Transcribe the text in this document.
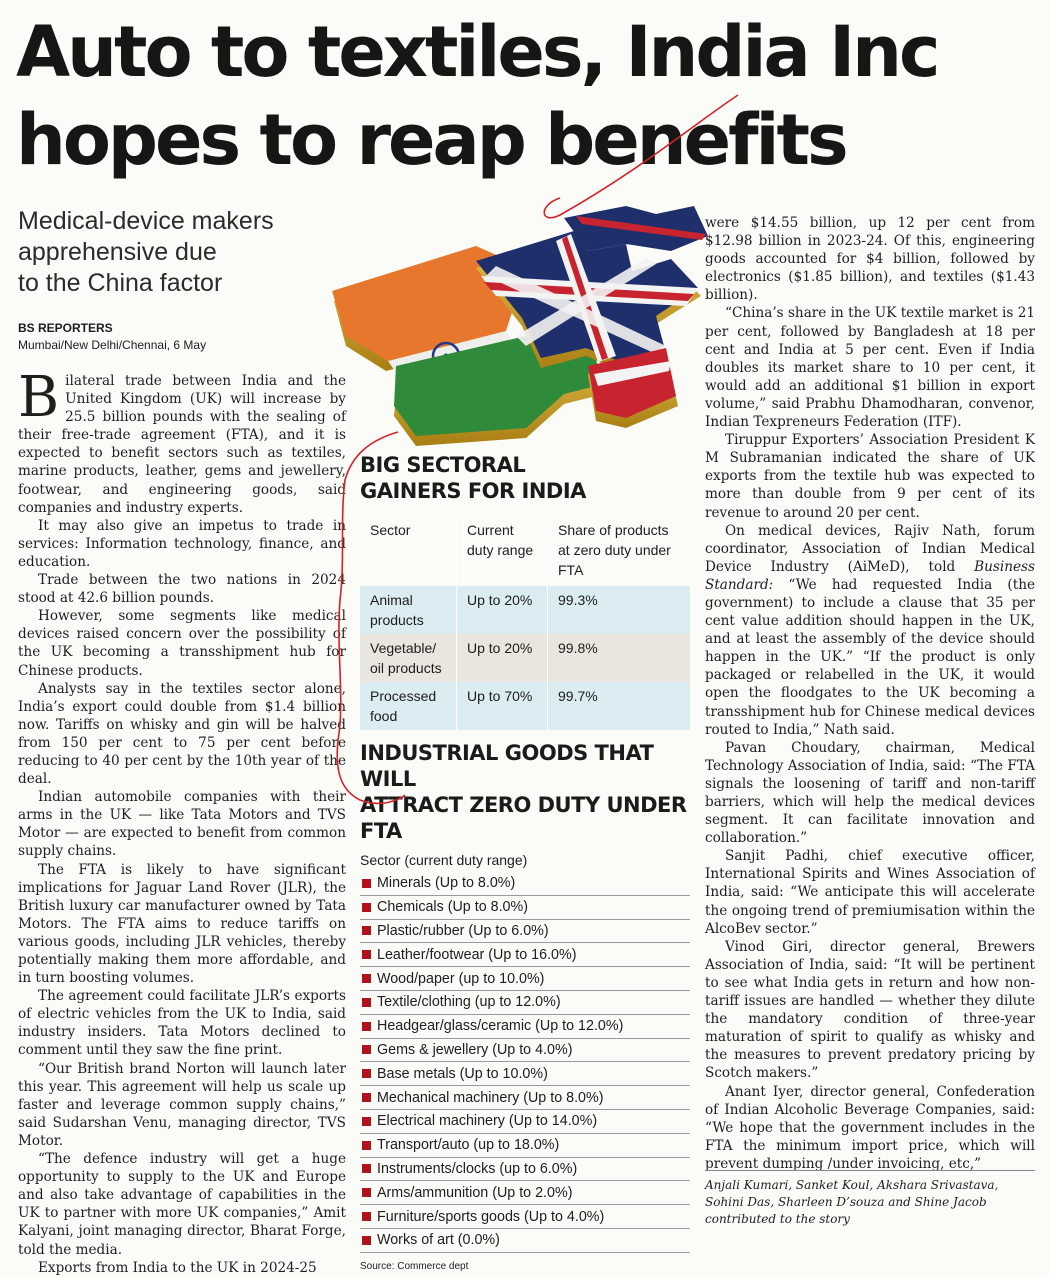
Auto to textiles, India Inc
hopes to reap benefits
Medical-device makers
apprehensive due
to the China factor
BS REPORTERS
Mumbai/New Delhi/Chennai, 6 May

Bilateral trade between India and the United Kingdom (UK) will increase by 25.5 billion pounds with the sealing of their free-trade agreement (FTA), and it is expected to benefit sectors such as textiles, marine products, leather, gems and jewellery, footwear, and engineering goods, said companies and industry experts.

It may also give an impetus to trade in services: Information technology, finance, and education.

Trade between the two nations in 2024 stood at 42.6 billion pounds.

However, some segments like medical devices raised concern over the possibility of the UK becoming a transshipment hub for Chinese products.

Analysts say in the textiles sector alone, India’s export could double from $1.4 billion now. Tariffs on whisky and gin will be halved from 150 per cent to 75 per cent before reducing to 40 per cent by the 10th year of the deal.

Indian automobile companies with their arms in the UK — like Tata Motors and TVS Motor — are expected to benefit from common supply chains.

The FTA is likely to have significant implications for Jaguar Land Rover (JLR), the British luxury car manufacturer owned by Tata Motors. The FTA aims to reduce tariffs on various goods, including JLR vehicles, thereby potentially making them more affordable, and in turn boosting volumes.

The agreement could facilitate JLR’s exports of electric vehicles from the UK to India, said industry insiders. Tata Motors declined to comment until they saw the fine print.

“Our British brand Norton will launch later this year. This agreement will help us scale up faster and leverage common supply chains,” said Sudarshan Venu, managing director, TVS Motor.

“The defence industry will get a huge opportunity to supply to the UK and Europe and also take advantage of capabilities in the UK to partner with more UK companies,” Amit Kalyani, joint managing director, Bharat Forge, told the media.

Exports from India to the UK in 2024-25

BIG SECTORAL
GAINERS FOR INDIA
Sector	Current duty range	Share of products at zero duty under FTA
Animal products	Up to 20%	99.3%
Vegetable/ oil products	Up to 20%	99.8%
Processed food	Up to 70%	99.7%
INDUSTRIAL GOODS THAT WILL
ATTRACT ZERO DUTY UNDER FTA
Sector (current duty range)
Minerals (Up to 8.0%)
Chemicals (Up to 8.0%)
Plastic/rubber (Up to 6.0%)
Leather/footwear (Up to 16.0%)
Wood/paper (up to 10.0%)
Textile/clothing (up to 12.0%)
Headgear/glass/ceramic (Up to 12.0%)
Gems & jewellery (Up to 4.0%)
Base metals (Up to 10.0%)
Mechanical machinery (Up to 8.0%)
Electrical machinery (Up to 14.0%)
Transport/auto (up to 18.0%)
Instruments/clocks (up to 6.0%)
Arms/ammunition (Up to 2.0%)
Furniture/sports goods (Up to 4.0%)
Works of art (0.0%)
Source: Commerce dept

were $14.55 billion, up 12 per cent from $12.98 billion in 2023-24. Of this, engineering goods accounted for $4 billion, followed by electronics ($1.85 billion), and textiles ($1.43 billion).

“China’s share in the UK textile market is 21 per cent, followed by Bangladesh at 18 per cent and India at 5 per cent. Even if India doubles its market share to 10 per cent, it would add an additional $1 billion in export volume,” said Prabhu Dhamodharan, convenor, Indian Texpreneurs Federation (ITF).

Tiruppur Exporters’ Association President K M Subramanian indicated the share of UK exports from the textile hub was expected to more than double from 9 per cent of its revenue to around 20 per cent.

On medical devices, Rajiv Nath, forum coordinator, Association of Indian Medical Device Industry (AiMeD), told Business Standard: “We had requested India (the government) to include a clause that 35 per cent value addition should happen in the UK, and at least the assembly of the device should happen in the UK.” “If the product is only packaged or relabelled in the UK, it would open the floodgates to the UK becoming a transshipment hub for Chinese medical devices routed to India,” Nath said.

Pavan Choudary, chairman, Medical Technology Association of India, said: “The FTA signals the loosening of tariff and non-tariff barriers, which will help the medical devices segment. It can facilitate innovation and collaboration.”

Sanjit Padhi, chief executive officer, International Spirits and Wines Association of India, said: “We anticipate this will accelerate the ongoing trend of premiumisation within the AlcoBev sector.”

Vinod Giri, director general, Brewers Association of India, said: “It will be pertinent to see what India gets in return and how non-tariff issues are handled — whether they dilute the mandatory condition of three-year maturation of spirit to qualify as whisky and the measures to prevent predatory pricing by Scotch makers.”

Anant Iyer, director general, Confederation of Indian Alcoholic Beverage Companies, said: “We hope that the government includes in the FTA the minimum import price, which will prevent dumping /under invoicing, etc,”

Anjali Kumari, Sanket Koul, Akshara Srivastava, Sohini Das, Sharleen D’souza and Shine Jacob contributed to the story
